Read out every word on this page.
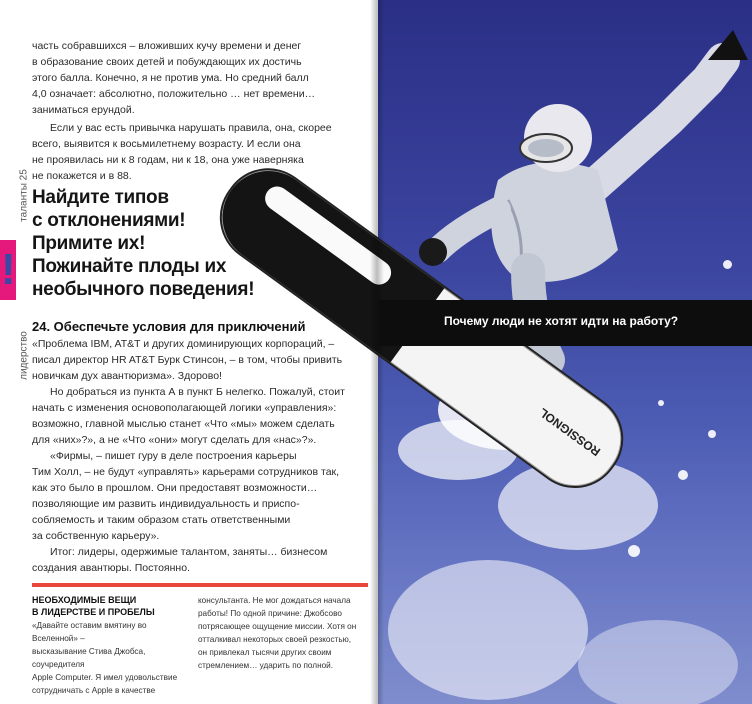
часть собравшихся – вложивших кучу времени и денег

в образование своих детей и побуждающих их достичь

этого балла. Конечно, я не против ума. Но средний балл

4,0 означает: абсолютно, положительно … нет времени…

заниматься ерундой.

Если у вас есть привычка нарушать правила, она, скорее

всего, выявится к восьмилетнему возрасту. И если она

не проявилась ни к 8 годам, ни к 18, она уже наверняка

не покажется и в 88.

таланты 25
лидерство
!
Найдите типов
с отклонениями!
Примите их!
Пожинайте плоды их
необычного поведения!
24. Обеспечьте условия для приключений

«Проблема IBM, AT&T и других доминирующих корпораций, –

писал директор HR AT&T Бурк Стинсон, – в том, чтобы привить

новичкам дух авантюризма». Здорово!

Но добраться из пункта А в пункт Б нелегко. Пожалуй, стоит

начать с изменения основополагающей логики «управления»:

возможно, главной мыслью станет «Что «мы» можем сделать

для «них»?», а не «Что «они» могут сделать для «нас»?».

«Фирмы, – пишет гуру в деле построения карьеры

Тим Холл, – не будут «управлять» карьерами сотрудников так,

как это было в прошлом. Они предоставят возможности…

позволяющие им развить индивидуальность и приспо-

собляемость и таким образом стать ответственными

за собственную карьеру».

Итог: лидеры, одержимые талантом, заняты… бизнесом

создания авантюры. Постоянно.

НЕОБХОДИМЫЕ ВЕЩИ
В ЛИДЕРСТВЕ И ПРОБЕЛЫ
«Давайте оставим вмятину во Вселенной» –
высказывание Стива Джобса, соучредителя
Apple Computer. Я имел удовольствие
сотрудничать с Apple в качестве
консультанта. Не мог дождаться начала
работы! По одной причине: Джобсово
потрясающее ощущение миссии. Хотя он
отталкивал некоторых своей резкостью,
он привлекал тысячи других своим
стремлением… ударить по полной.
ROSSIGNOL
Почему люди не хотят идти на работу?
